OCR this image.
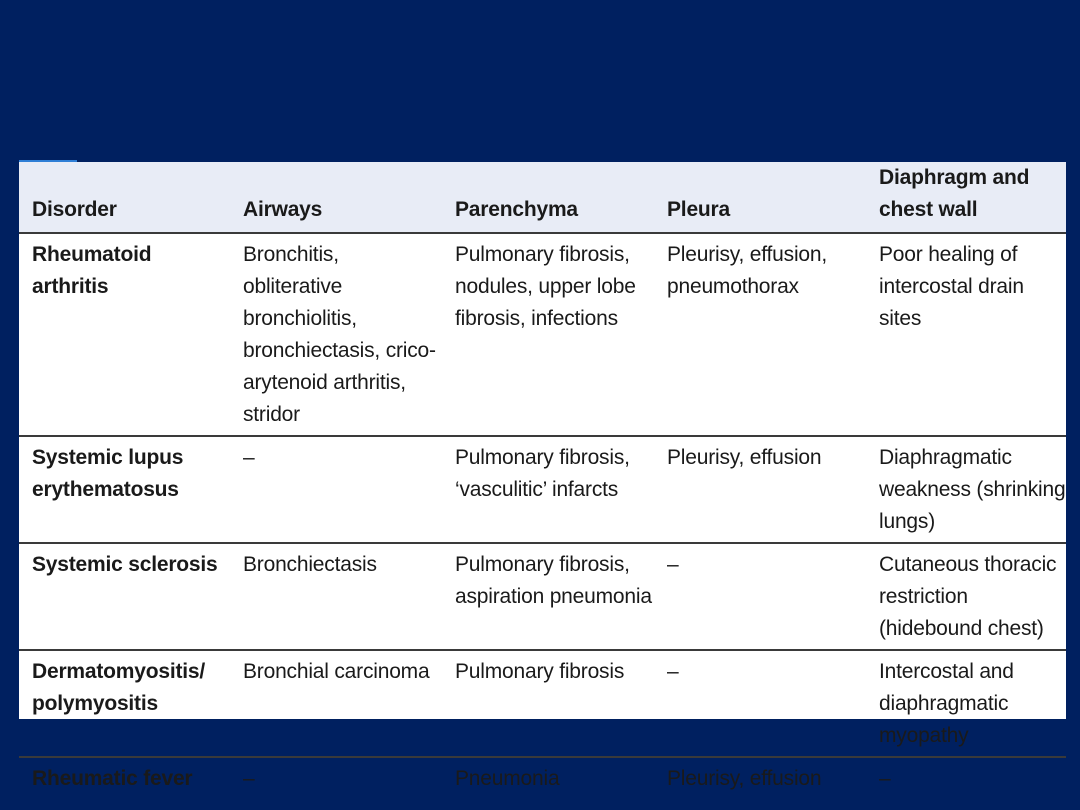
Disorder	Airways	Parenchyma	Pleura	Diaphragm and chest wall

Rheumatoid arthritis	Bronchitis, obliterative bronchiolitis, bronchiectasis, crico-arytenoid arthritis, stridor	Pulmonary fibrosis, nodules, upper lobe fibrosis, infections	Pleurisy, effusion, pneumothorax	Poor healing of intercostal drain sites

Systemic lupus erythematosus	–	Pulmonary fibrosis, ‘vasculitic’ infarcts	Pleurisy, effusion	Diaphragmatic weakness (shrinking lungs)

Systemic sclerosis	Bronchiectasis	Pulmonary fibrosis, aspiration pneumonia	–	Cutaneous thoracic restriction (hidebound chest)

Dermatomyositis/ polymyositis	Bronchial carcinoma	Pulmonary fibrosis	–	Intercostal and diaphragmatic myopathy

Rheumatic fever	–	Pneumonia	Pleurisy, effusion	–
